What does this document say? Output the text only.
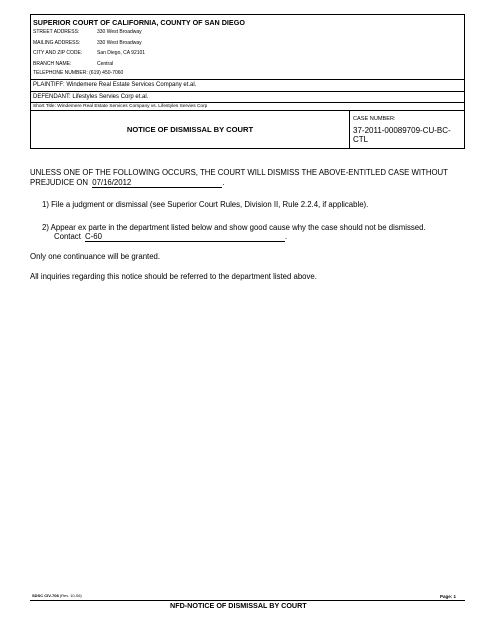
SUPERIOR COURT OF CALIFORNIA, COUNTY OF SAN DIEGO
STREET ADDRESS:	330 West Broadway
MAILING ADDRESS:	330 West Broadway
CITY AND ZIP CODE:	San Diego, CA 92101
BRANCH NAME:	Central
TELEPHONE NUMBER: (619) 450-7060
PLAINTIFF: Windemere Real Estate Services Company et.al.
DEFENDANT: Lifestyles Servies Corp et.al.
Short Title: Windemere Real Estate Services Company vs. Lifestyles Servies Corp
NOTICE OF DISMISSAL BY COURT
CASE NUMBER:
37-2011-00089709-CU-BC-CTL
UNLESS ONE OF THE FOLLOWING OCCURS, THE COURT WILL DISMISS THE ABOVE-ENTITLED CASE WITHOUT
PREJUDICE ON 07/16/2012	.
1) File a judgment or dismissal (see Superior Court Rules, Division II, Rule 2.2.4, if applicable).
2) Appear ex parte in the department listed below and show good cause why the case should not be dismissed.
Contact C-60	.
Only one continuance will be granted.
All inquiries regarding this notice should be referred to the department listed above.
SDSC CIV-708 (Rev. 10-06)
NFD-NOTICE OF DISMISSAL BY COURT
Page: 1
